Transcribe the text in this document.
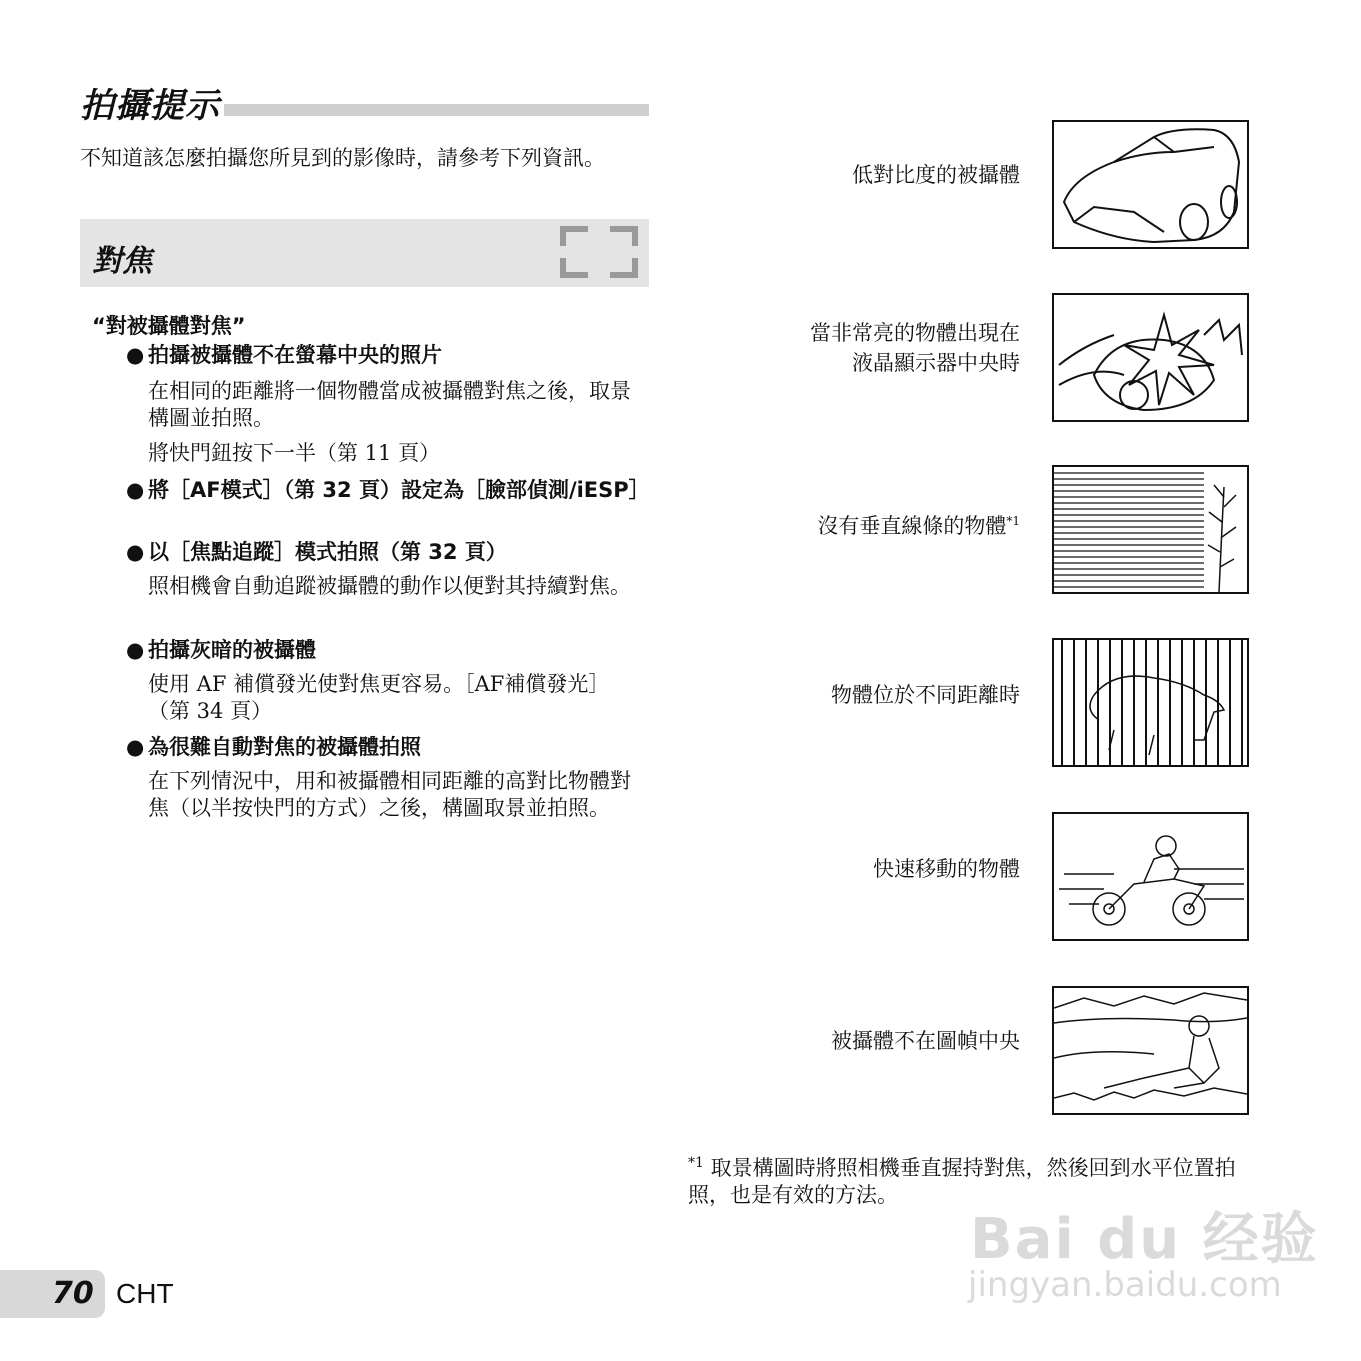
拍攝提示
不知道該怎麼拍攝您所見到的影像時，請參考下列資訊。
對焦
“對被攝體對焦”
● 拍攝被攝體不在螢幕中央的照片
在相同的距離將一個物體當成被攝體對焦之後，取景構圖並拍照。
將快門鈕按下一半（第 11 頁）
● 將［AF模式］（第 32 頁）設定為［臉部偵測/iESP］
● 以［焦點追蹤］模式拍照（第 32 頁）
照相機會自動追蹤被攝體的動作以便對其持續對焦。
● 拍攝灰暗的被攝體
使用 AF 補償發光使對焦更容易。［AF補償發光］（第 34 頁）
● 為很難自動對焦的被攝體拍照
在下列情況中，用和被攝體相同距離的高對比物體對焦（以半按快門的方式）之後，構圖取景並拍照。
低對比度的被攝體
當非常亮的物體出現在
液晶顯示器中央時
沒有垂直線條的物體$^{*1}$
物體位於不同距離時
快速移動的物體
被攝體不在圖幀中央
$^{*1}$ 取景構圖時將照相機垂直握持對焦，然後回到水平位置拍照，也是有效的方法。
70 CHT
Bai du 经验
jingyan.baidu.com
